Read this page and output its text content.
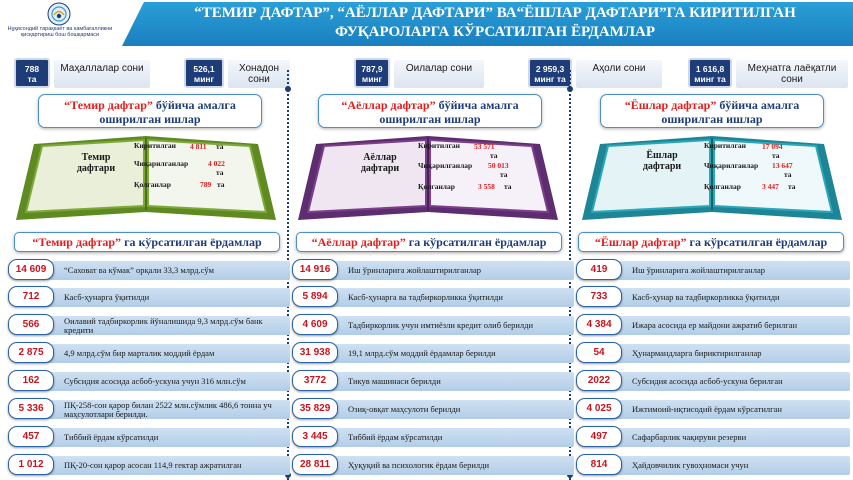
Нұқисондий тарақкаёт ва камбағалликни қисқартириш бош бошқармаси
“ТЕМИР ДАФТАР”, “АЁЛЛАР ДАФТАРИ” ВА“ЁШЛАР ДАФТАРИ”ГА КИРИТИЛГАН
ФУҚАРОЛАРГА КЎРСАТИЛГАН ЁРДАМЛАР
788
та
Маҳаллалар сони	526,1
минг
Хонадон сони
787,9
минг
Оилалар сони	2 959,3
минг та
Аҳоли сони	1 616,8
минг та
Меҳнатга лаёқатли сони
“Темир дафтар” бўйича амалга
оширилган ишлар
Темир дафтари
Киритилган 4 811 та
Чиқарилганлар	4 022
та
Қолганлар	789 та
“Темир дафтар” га кўрсатилган ёрдамлар
14 609	“Саховат ва кўмак” орқали 33,3 млрд.сўм
712	Касб-ҳунарга ўқитилди
566	Оилавий тадбиркорлик йўналишида 9,3 млрд.сўм банк кредити
2 875	4,9 млрд.сўм бир марталик моддий ёрдам
162	Субсидия асосида асбоб-ускуна учун 316 млн.сўм
5 336	ПҚ-258-сон қарор билан 2522 млн.сўмлик 486,6 тонна уч маҳсулотлари берилди.
457	Тиббий ёрдам кўрсатилди
1 012	ПҚ-20-сон қарор асосан 114,9 гектар ажратилган
“Аёллар дафтар” бўйича амалга
оширилган ишлар
Аёллар дафтари
Киритилган 53 571
та
Чиқарилганлар 50 013
та
Қолганлар	3 558 та
“Аёллар дафтар” га кўрсатилган ёрдамлар
14 916	Иш ўринларига жойлаштирилганлар
5 894	Касб-ҳунарга ва тадбиркорликка ўқитилди
4 609	Тадбиркорлик учун имтиёзли кредит олиб берилди
31 938	19,1 млрд.сўм моддий ёрдамлар берилди
3772	Тикув машинаси берилди
35 829	Озиқ-овқат маҳсулоти берилди
3 445	Тиббий ёрдам кўрсатилди
28 811	Ҳуқуқий ва психологик ёрдам берилди
“Ёшлар дафтар” бўйича амалга
оширилган ишлар
Ёшлар дафтари
Киритилган 17 094
та
Чиқарилганлар 13 647
та
Қолганлар	3 447 та
“Ёшлар дафтар” га кўрсатилган ёрдамлар
419	Иш ўринларига жойлаштирилганлар
733	Касб-ҳунар ва тадбиркорликка ўқитилди
4 384	Ижара асосида ер майдони ажратиб берилган
54	Ҳунармандларга бириктирилганлар
2022	Субсидия асосида асбоб-ускуна берилган
4 025	Ижтимоий-иқтисодий ёрдам кўрсатилган
497	Сафарбарлик чақируви резерви
814	Ҳайдовчилик гувоҳномаси учун
